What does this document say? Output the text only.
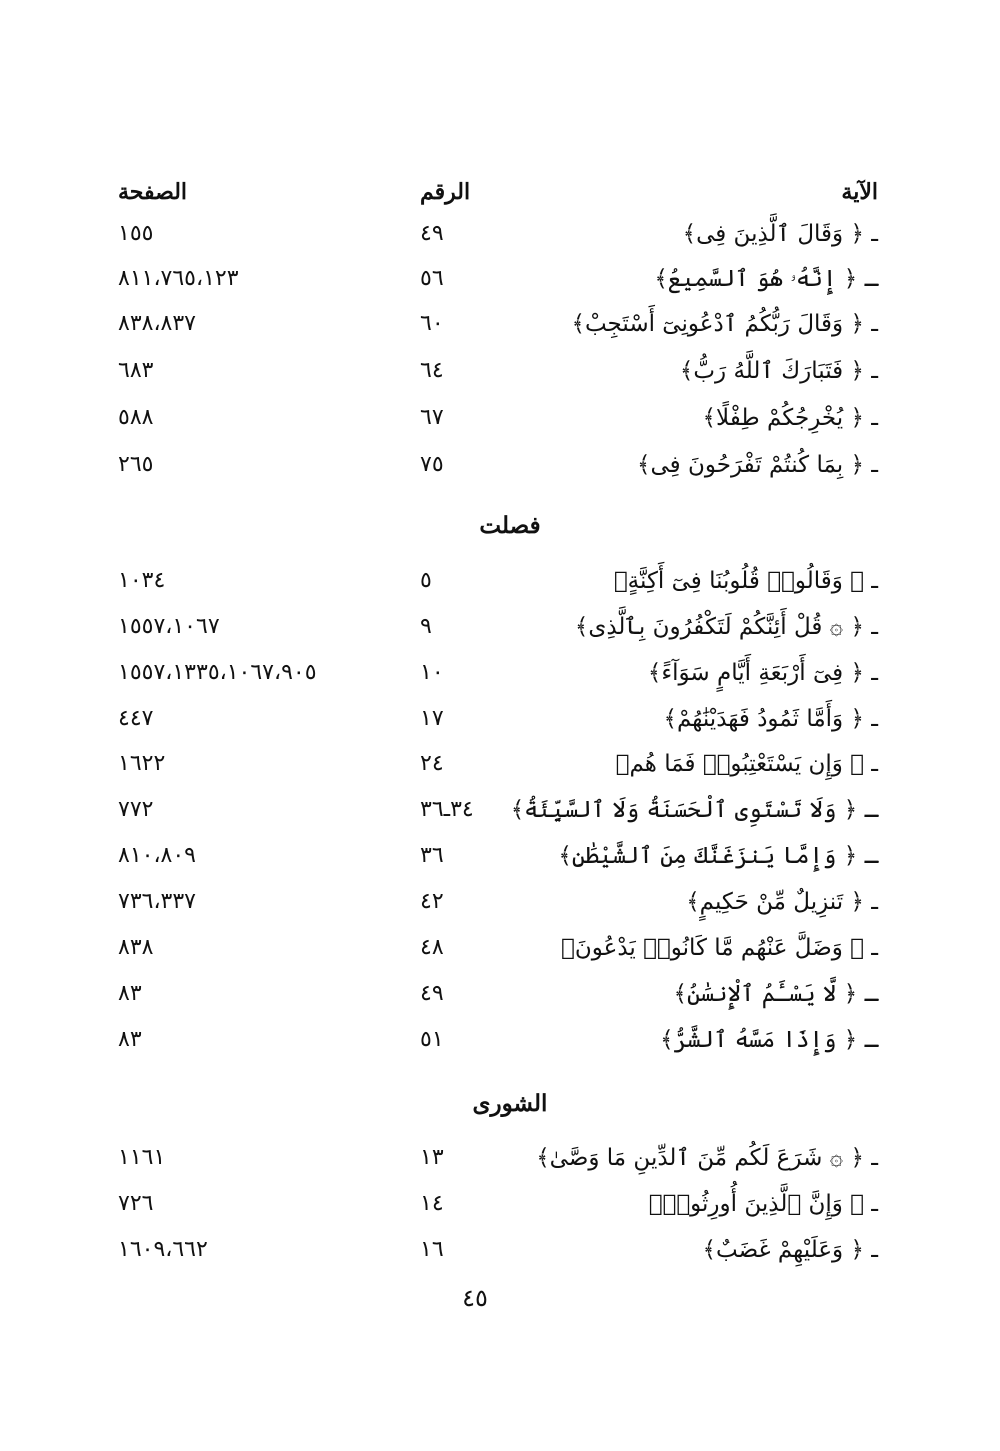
الآية
الرقم
الصفحة
ـ ﴿ وَقَالَ ٱلَّذِينَ فِى﴾
٤٩
١٥٥
ـ ﴿ إِنَّهُۥ هُوَ ٱلسَّمِيعُ﴾
٥٦
٨١١،٧٦٥،١٢٣
ـ ﴿ وَقَالَ رَبُّكُمُ ٱدْعُونِىٓ أَسْتَجِبْ﴾
٦٠
٨٣٨،٨٣٧
ـ ﴿ فَتَبَارَكَ ٱللَّهُ رَبُّ﴾
٦٤
٦٨٣
ـ ﴿ يُخْرِجُكُمْ طِفْلًا﴾
٦٧
٥٨٨
ـ ﴿ بِمَا كُنتُمْ تَفْرَحُونَ فِى﴾
٧٥
٢٦٥
فصلت
ـ ﴿ وَقَالُوا۟ قُلُوبُنَا فِىٓ أَكِنَّةٍ﴾
٥
١٠٣٤
ـ ﴿ ۞ قُلْ أَئِنَّكُمْ لَتَكْفُرُونَ بِٱلَّذِى﴾
٩
١٥٥٧،١٠٦٧
ـ ﴿ فِىٓ أَرْبَعَةِ أَيَّامٍ سَوَآءً﴾
١٠
١٥٥٧،١٣٣٥،١٠٦٧،٩٠٥
ـ ﴿ وَأَمَّا ثَمُودُ فَهَدَيْنَٰهُمْ﴾
١٧
٤٤٧
ـ ﴿ وَإِن يَسْتَعْتِبُوا۟ فَمَا هُم﴾
٢٤
١٦٢٢
ـ ﴿ وَلَا تَسْتَوِى ٱلْحَسَنَةُ وَلَا ٱلسَّيِّئَةُ﴾
٣٤ـ٣٦
٧٧٢
ـ ﴿ وَإِمَّا يَنزَغَنَّكَ مِنَ ٱلشَّيْطَٰنِ﴾
٣٦
٨١٠،٨٠٩
ـ ﴿ تَنزِيلٌ مِّنْ حَكِيمٍ﴾
٤٢
٧٣٦،٣٣٧
ـ ﴿ وَضَلَّ عَنْهُم مَّا كَانُوا۟ يَدْعُونَ﴾
٤٨
٨٣٨
ـ ﴿ لَّا يَسْـَٔمُ ٱلْإِنسَٰنُ﴾
٤٩
٨٣
ـ ﴿ وَإِذَا مَسَّهُ ٱلشَّرُّ﴾
٥١
٨٣
الشورى
ـ ﴿ ۞ شَرَعَ لَكُم مِّنَ ٱلدِّينِ مَا وَصَّىٰ﴾
١٣
١١٦١
ـ ﴿ وَإِنَّ ٱلَّذِينَ أُورِثُوا۟﴾
١٤
٧٢٦
ـ ﴿ وَعَلَيْهِمْ غَضَبٌ﴾
١٦
١٦٠٩،٦٦٢
٤٥
